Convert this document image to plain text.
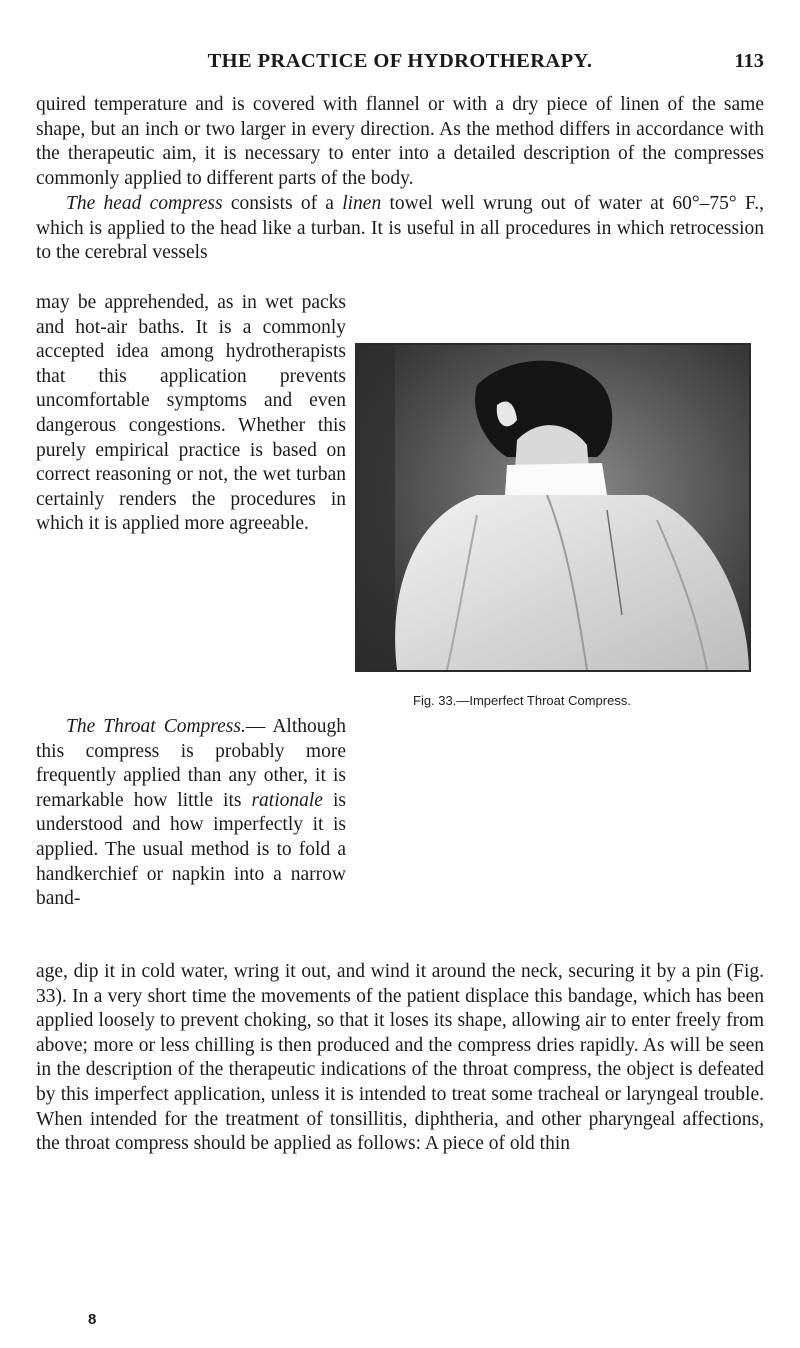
THE PRACTICE OF HYDROTHERAPY.	113

quired temperature and is covered with flannel or with a dry piece of linen of the same shape, but an inch or two larger in every direction. As the method differs in accordance with the therapeutic aim, it is necessary to enter into a detailed description of the compresses commonly applied to different parts of the body.

The head compress consists of a linen towel well wrung out of water at 60°–75° F., which is applied to the head like a turban. It is useful in all procedures in which retrocession to the cerebral vessels

may be apprehended, as in wet packs and hot-air baths. It is a commonly accepted idea among hydrotherapists that this application prevents uncomfortable symptoms and even dangerous congestions. Whether this purely empirical practice is based on correct reasoning or not, the wet turban certainly renders the procedures in which it is applied more agreeable.

Fig. 33.—Imperfect Throat Compress.

The Throat Compress.— Although this compress is probably more frequently applied than any other, it is remarkable how little its rationale is understood and how imperfectly it is applied. The usual method is to fold a handkerchief or napkin into a narrow band-

age, dip it in cold water, wring it out, and wind it around the neck, securing it by a pin (Fig. 33). In a very short time the movements of the patient displace this bandage, which has been applied loosely to prevent choking, so that it loses its shape, allowing air to enter freely from above; more or less chilling is then produced and the compress dries rapidly. As will be seen in the description of the therapeutic indications of the throat compress, the object is defeated by this imperfect application, unless it is intended to treat some tracheal or laryngeal trouble. When intended for the treatment of tonsillitis, diphtheria, and other pharyngeal affections, the throat compress should be applied as follows: A piece of old thin

8
